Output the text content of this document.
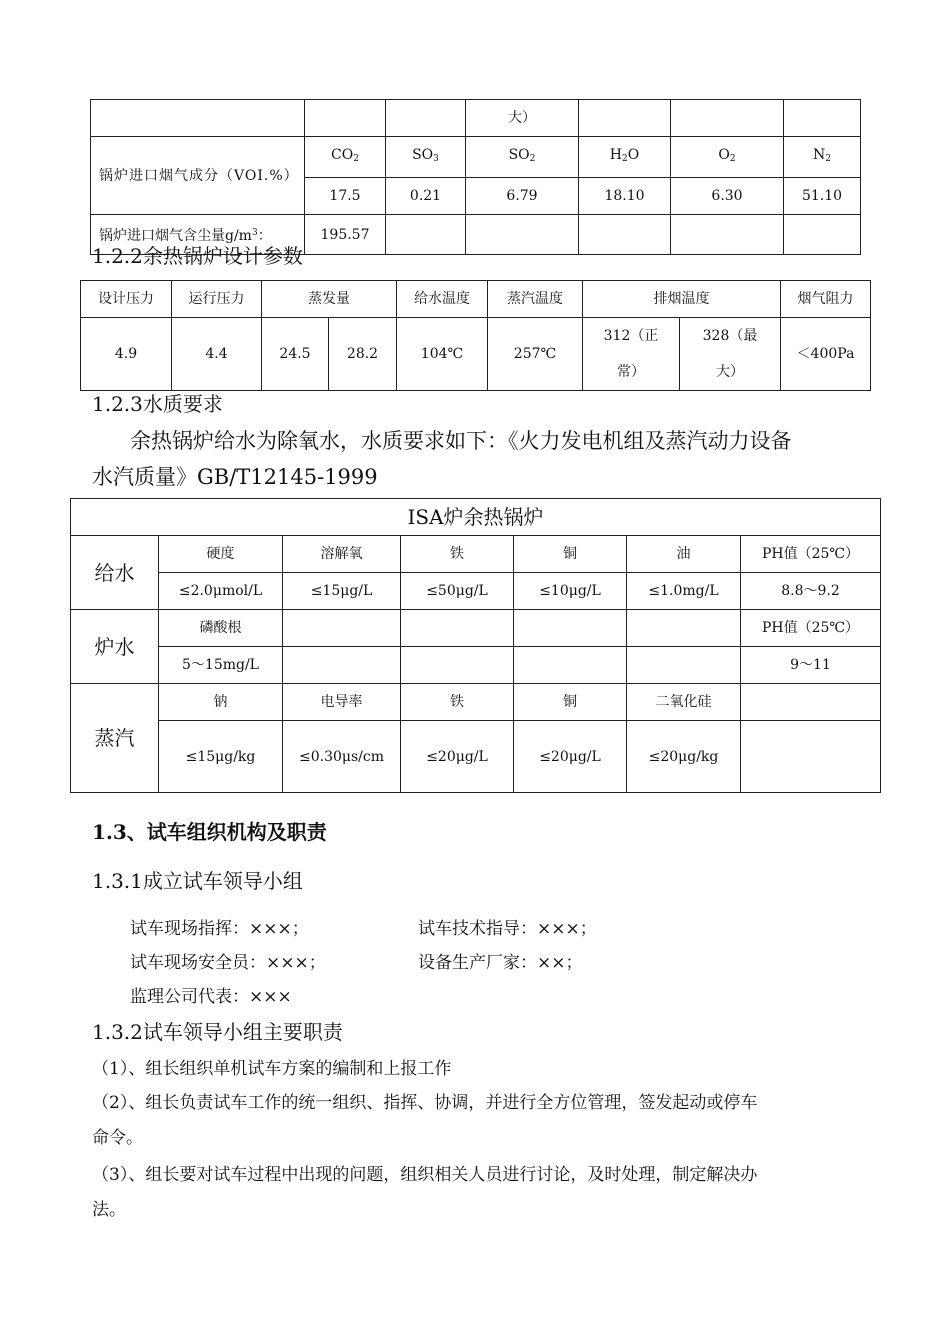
			大）			
锅炉进口烟气成分（VOI.%）	$CO_2$	$SO_3$	$SO_2$	$H_2O$	$O_2$	$N_2$
	17.5	0.21	6.79	18.10	6.30	51.10
锅炉进口烟气含尘量$g/m^3$：	195.57					
1.2.2余热锅炉设计参数
设计压力	运行压力	蒸发量		给水温度	蒸汽温度	排烟温度		烟气阻力
4.9	4.4	24.5	28.2	104℃	257℃	312（正常）	328（最大）	＜400Pa
1.2.3水质要求
余热锅炉给水为除氧水，水质要求如下：《火力发电机组及蒸汽动力设备
水汽质量》GB/T12145-1999
ISA炉余热锅炉						
给水	硬度	溶解氧	铁	铜	油	PH值（25℃）
	≤2.0μmol/L	≤15μg/L	≤50μg/L	≤10μg/L	≤1.0mg/L	8.8～9.2
炉水	磷酸根					PH值（25℃）
	5～15mg/L					9～11
蒸汽	钠	电导率	铁	铜	二氧化硅	
	≤15μg/kg	≤0.30μs/cm	≤20μg/L	≤20μg/L	≤20μg/kg	
1.3、试车组织机构及职责
1.3.1成立试车领导小组
试车现场指挥：×××；	试车技术指导：×××；
试车现场安全员：×××；	设备生产厂家：××；
监理公司代表：×××
1.3.2试车领导小组主要职责
（1）、组长组织单机试车方案的编制和上报工作
（2）、组长负责试车工作的统一组织、指挥、协调，并进行全方位管理，签发起动或停车
命令。
（3）、组长要对试车过程中出现的问题，组织相关人员进行讨论，及时处理，制定解决办
法。
